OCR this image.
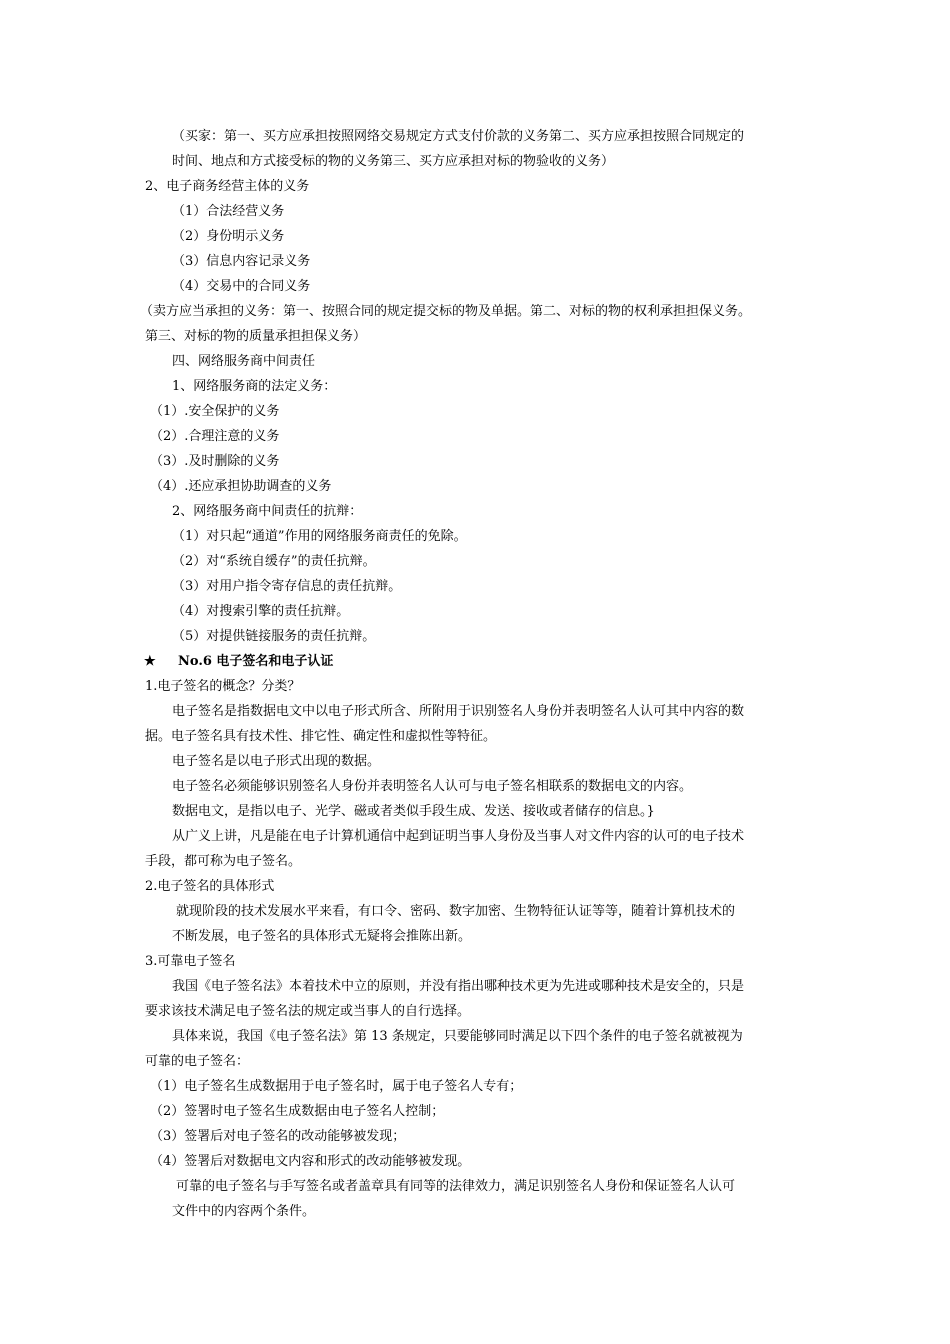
（买家：第一、买方应承担按照网络交易规定方式支付价款的义务第二、买方应承担按照合同规定的
时间、地点和方式接受标的物的义务第三、买方应承担对标的物验收的义务）
2、电子商务经营主体的义务
（1）合法经营义务
（2）身份明示义务
（3）信息内容记录义务
（4）交易中的合同义务
（卖方应当承担的义务：第一、按照合同的规定提交标的物及单据。第二、对标的物的权利承担担保义务。
第三、对标的物的质量承担担保义务）
四、网络服务商中间责任
1、网络服务商的法定义务：
（1）.安全保护的义务
（2）.合理注意的义务
（3）.及时删除的义务
（4）.还应承担协助调查的义务
2、网络服务商中间责任的抗辩：
（1）对只起“通道”作用的网络服务商责任的免除。
（2）对“系统自缓存”的责任抗辩。
（3）对用户指令寄存信息的责任抗辩。
（4）对搜索引擎的责任抗辩。
（5）对提供链接服务的责任抗辩。
★ No.6 电子签名和电子认证
1.电子签名的概念？分类？
电子签名是指数据电文中以电子形式所含、所附用于识别签名人身份并表明签名人认可其中内容的数
据。电子签名具有技术性、排它性、确定性和虚拟性等特征。
电子签名是以电子形式出现的数据。
电子签名必须能够识别签名人身份并表明签名人认可与电子签名相联系的数据电文的内容。
数据电文，是指以电子、光学、磁或者类似手段生成、发送、接收或者储存的信息。}
从广义上讲，凡是能在电子计算机通信中起到证明当事人身份及当事人对文件内容的认可的电子技术
手段，都可称为电子签名。
2.电子签名的具体形式
就现阶段的技术发展水平来看，有口令、密码、数字加密、生物特征认证等等，随着计算机技术的
不断发展，电子签名的具体形式无疑将会推陈出新。
3.可靠电子签名
我国《电子签名法》本着技术中立的原则，并没有指出哪种技术更为先进或哪种技术是安全的，只是
要求该技术满足电子签名法的规定或当事人的自行选择。
具体来说，我国《电子签名法》第 13 条规定，只要能够同时满足以下四个条件的电子签名就被视为
可靠的电子签名：
（1）电子签名生成数据用于电子签名时，属于电子签名人专有；
（2）签署时电子签名生成数据由电子签名人控制；
（3）签署后对电子签名的改动能够被发现；
（4）签署后对数据电文内容和形式的改动能够被发现。
可靠的电子签名与手写签名或者盖章具有同等的法律效力，满足识别签名人身份和保证签名人认可
文件中的内容两个条件。
